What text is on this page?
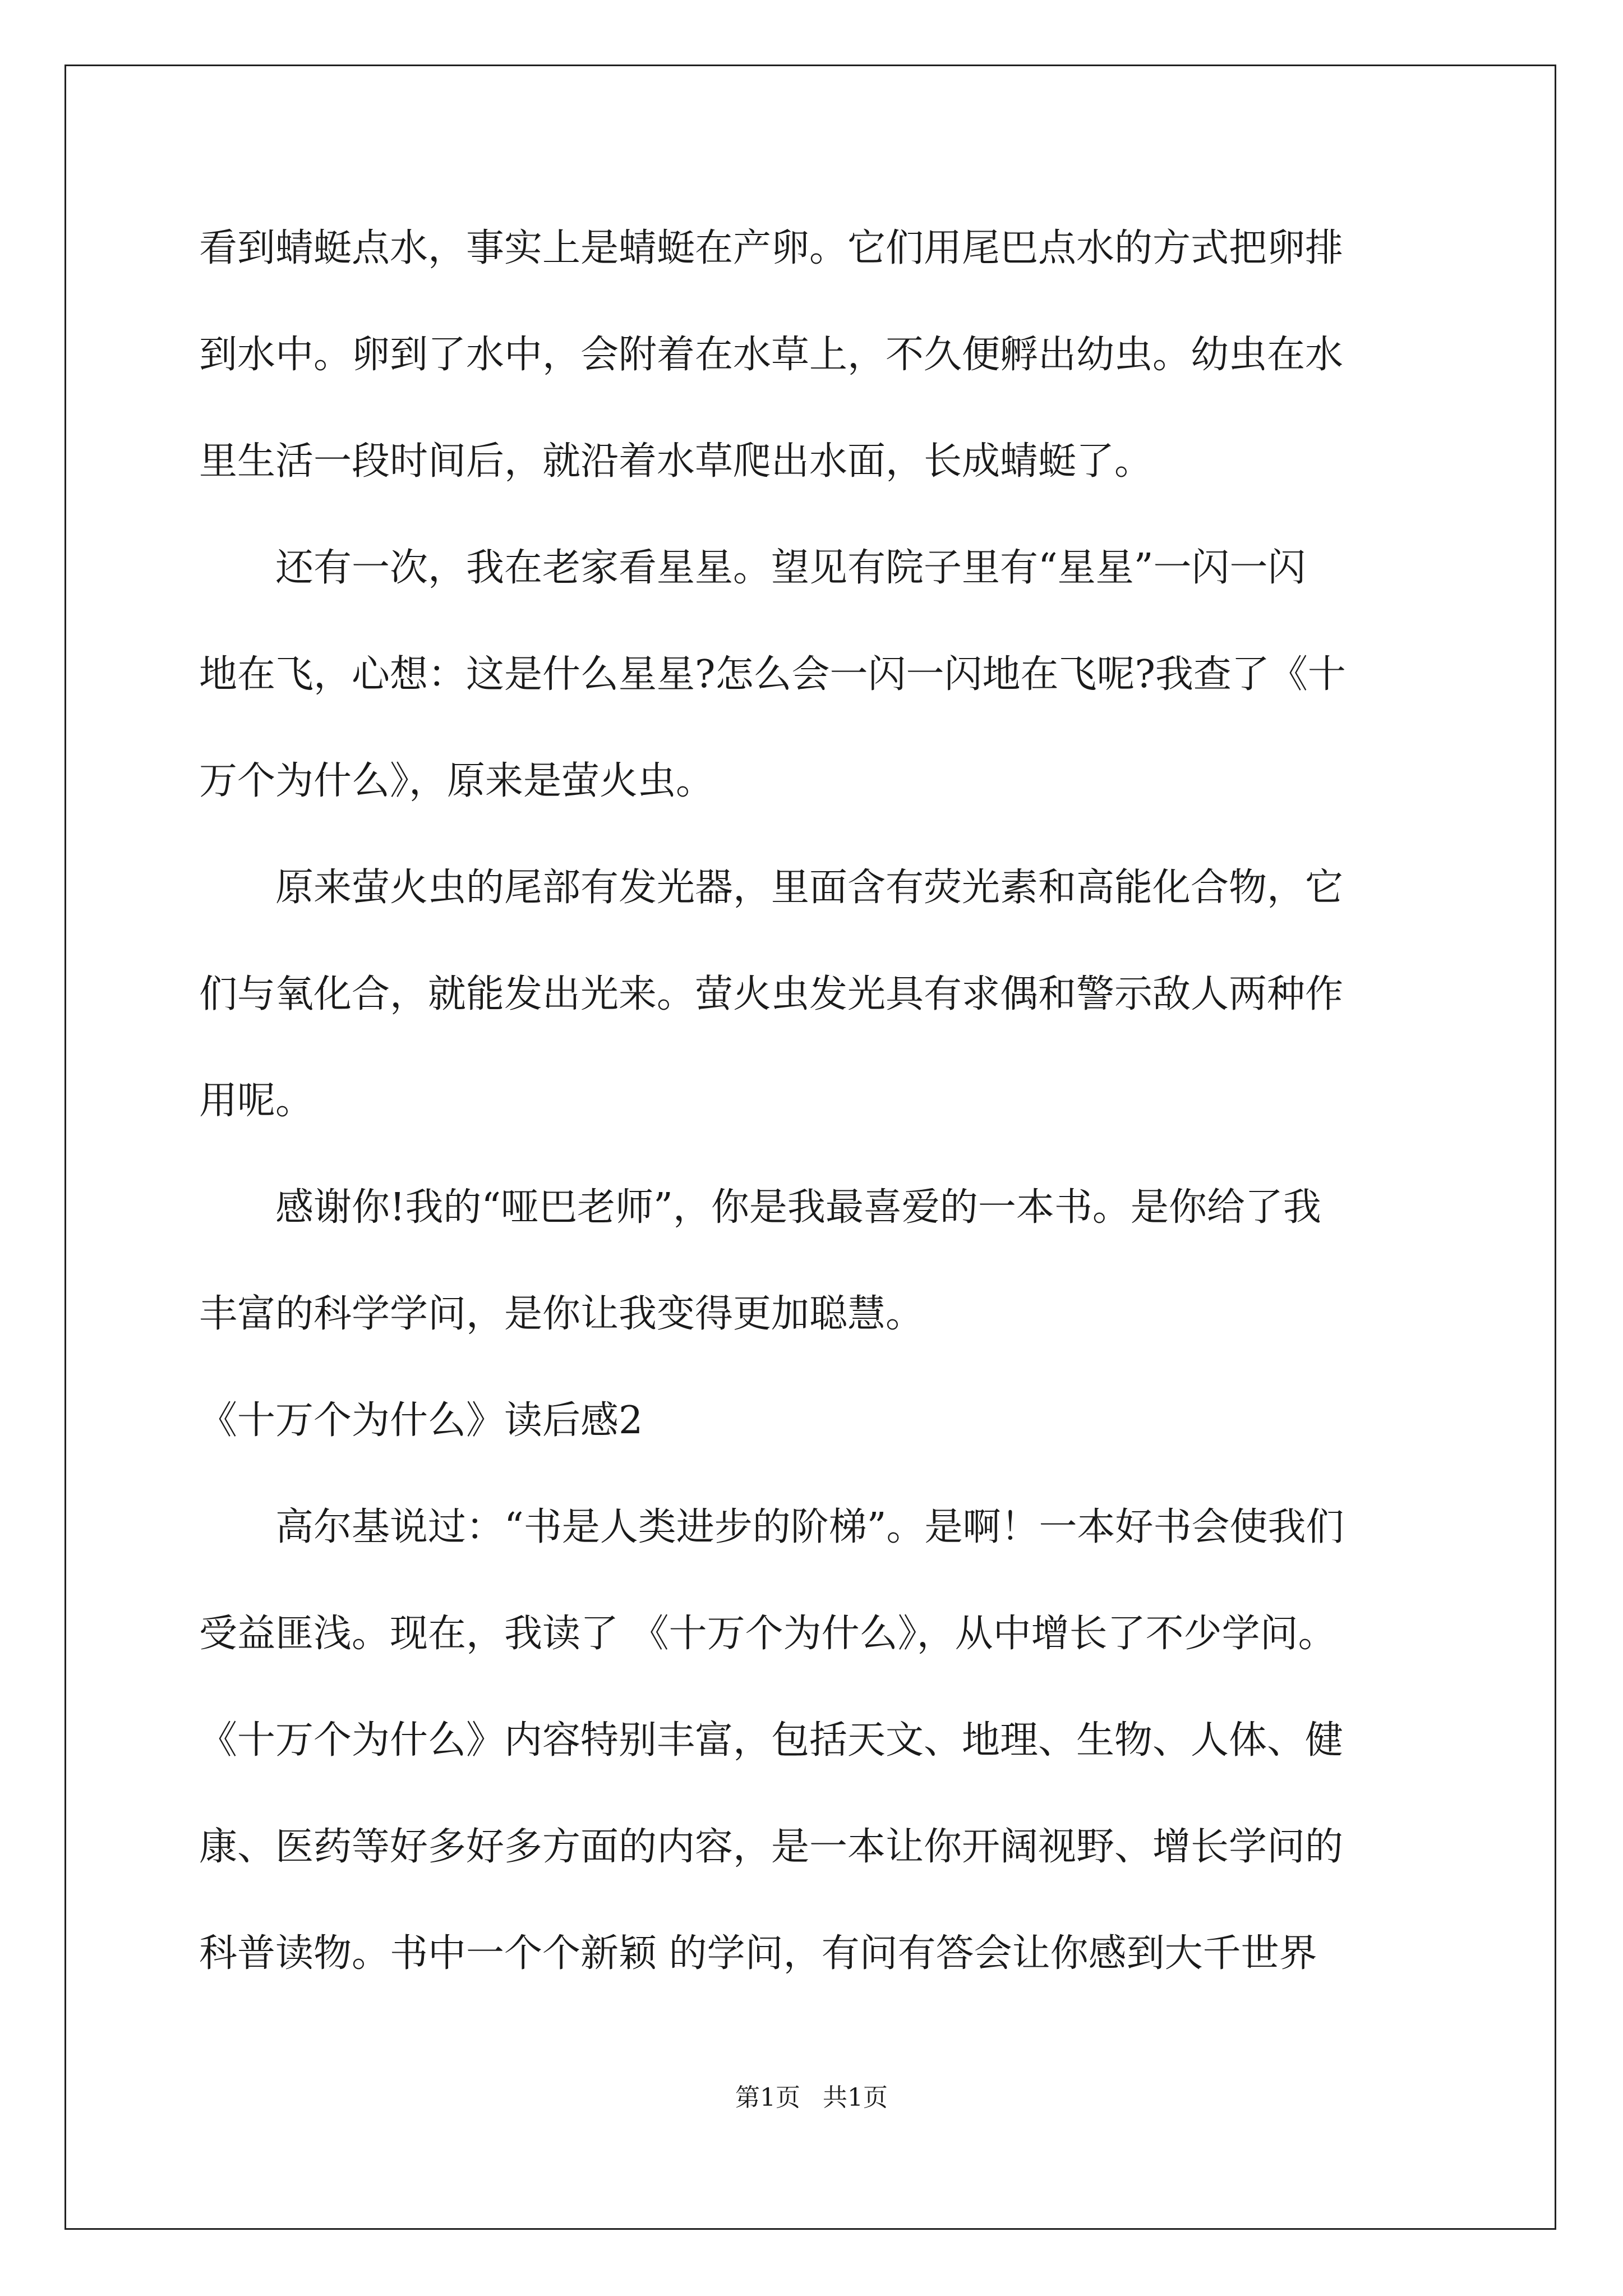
看到蜻蜓点水，事实上是蜻蜓在产卵。它们用尾巴点水的方式把卵排
到水中。卵到了水中，会附着在水草上，不久便孵出幼虫。幼虫在水
里生活一段时间后，就沿着水草爬出水面，长成蜻蜓了。
　　还有一次，我在老家看星星。望见有院子里有“星星”一闪一闪
地在飞，心想：这是什么星星?怎么会一闪一闪地在飞呢?我查了《十
万个为什么》，原来是萤火虫。
　　原来萤火虫的尾部有发光器，里面含有荧光素和高能化合物，它
们与氧化合，就能发出光来。萤火虫发光具有求偶和警示敌人两种作
用呢。
　　感谢你!我的“哑巴老师”，你是我最喜爱的一本书。是你给了我
丰富的科学学问，是你让我变得更加聪慧。
《十万个为什么》读后感2
　　高尔基说过：“书是人类进步的阶梯”。是啊！一本好书会使我们
受益匪浅。现在，我读了 《十万个为什么》，从中增长了不少学问。
《十万个为什么》内容特别丰富，包括天文、地理、生物、人体、健
康、医药等好多好多方面的内容，是一本让你开阔视野、增长学问的
科普读物。书中一个个新颖 的学问，有问有答会让你感到大千世界
第1页 共1页
